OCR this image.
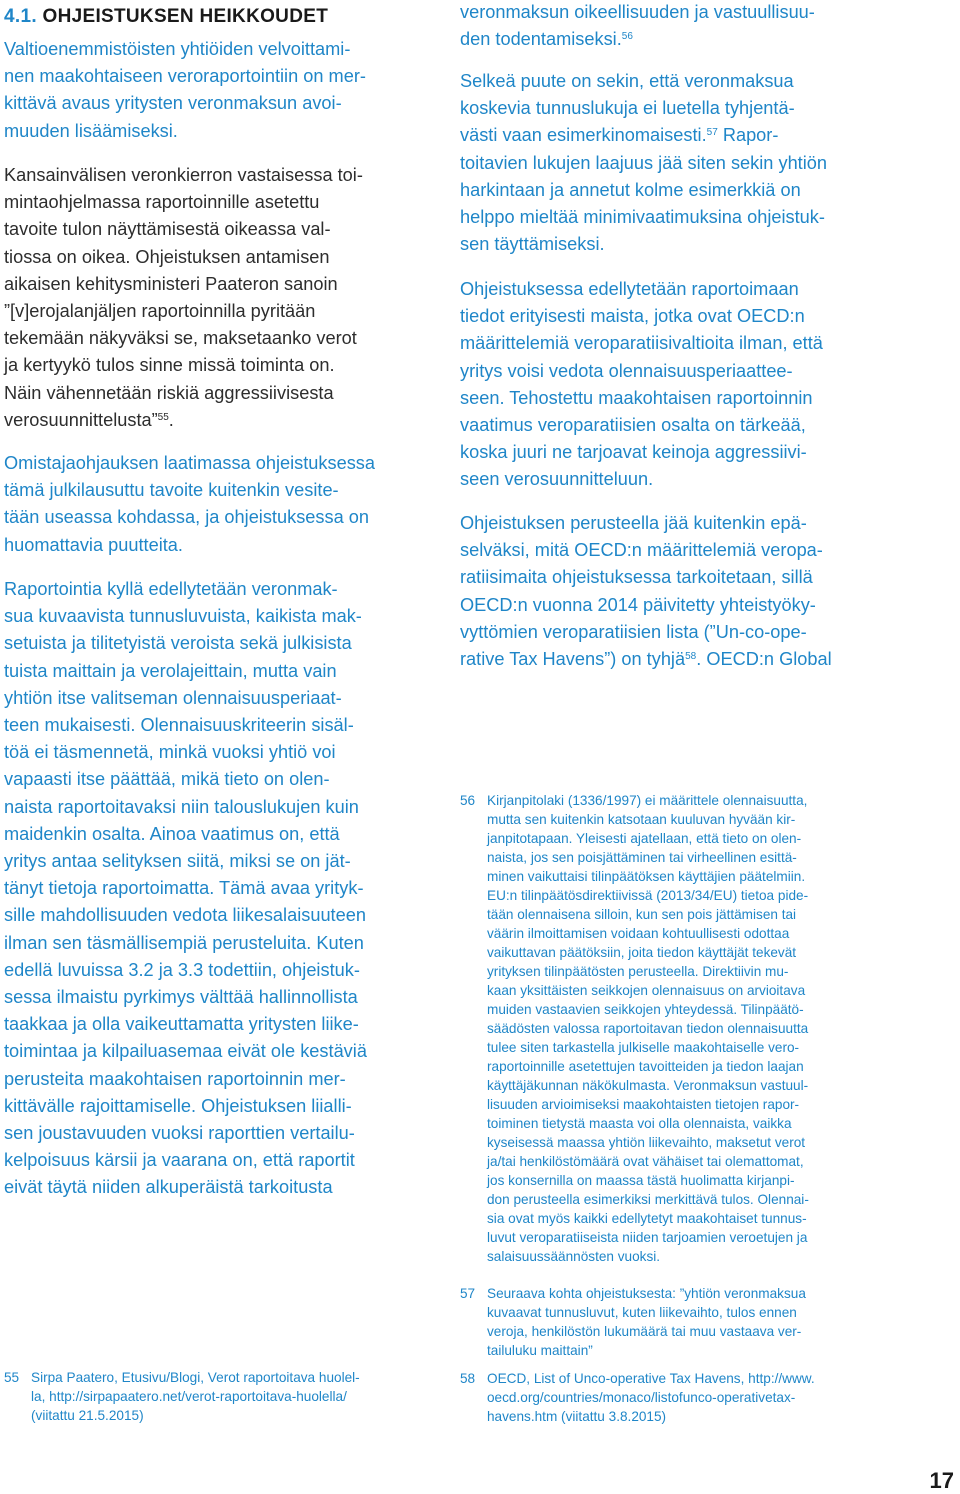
4.1. OHJEISTUKSEN HEIKKOUDET

Valtioenemmistöisten yhtiöiden velvoittami-
nen maakohtaiseen veroraportointiin on mer-
kittävä avaus yritysten veronmaksun avoi-
muuden lisäämiseksi.

Kansainvälisen veronkierron vastaisessa toi-
mintaohjelmassa raportoinnille asetettu
tavoite tulon näyttämisestä oikeassa val-
tiossa on oikea. Ohjeistuksen antamisen
aikaisen kehitysministeri Paateron sanoin
”[v]erojalanjäljen raportoinnilla pyritään
tekemään näkyväksi se, maksetaanko verot
ja kertyykö tulos sinne missä toiminta on.
Näin vähennetään riskiä aggressiivisesta
verosuunnittelusta”$^{55}$.

Omistajaohjauksen laatimassa ohjeistuksessa
tämä julkilausuttu tavoite kuitenkin vesite-
tään useassa kohdassa, ja ohjeistuksessa on
huomattavia puutteita.

Raportointia kyllä edellytetään veronmak-
sua kuvaavista tunnusluvuista, kaikista mak-
setuista ja tilitetyistä veroista sekä julkisista
tuista maittain ja verolajeittain, mutta vain
yhtiön itse valitseman olennaisuusperiaat-
teen mukaisesti. Olennaisuuskriteerin sisäl-
töä ei täsmennetä, minkä vuoksi yhtiö voi
vapaasti itse päättää, mikä tieto on olen-
naista raportoitavaksi niin talouslukujen kuin
maidenkin osalta. Ainoa vaatimus on, että
yritys antaa selityksen siitä, miksi se on jät-
tänyt tietoja raportoimatta. Tämä avaa yrityk-
sille mahdollisuuden vedota liikesalaisuuteen
ilman sen täsmällisempiä perusteluita. Kuten
edellä luvuissa 3.2 ja 3.3 todettiin, ohjeistuk-
sessa ilmaistu pyrkimys välttää hallinnollista
taakkaa ja olla vaikeuttamatta yritysten liike-
toimintaa ja kilpailuasemaa eivät ole kestäviä
perusteita maakohtaisen raportoinnin mer-
kittävälle rajoittamiselle. Ohjeistuksen liialli-
sen joustavuuden vuoksi raporttien vertailu-
kelpoisuus kärsii ja vaarana on, että raportit
eivät täytä niiden alkuperäistä tarkoitusta

veronmaksun oikeellisuuden ja vastuullisuu-
den todentamiseksi.$^{56}$

Selkeä puute on sekin, että veronmaksua
koskevia tunnuslukuja ei luetella tyhjentä-
västi vaan esimerkinomaisesti.$^{57}$ Rapor-
toitavien lukujen laajuus jää siten sekin yhtiön
harkintaan ja annetut kolme esimerkkiä on
helppo mieltää minimivaatimuksina ohjeistuk-
sen täyttämiseksi.

Ohjeistuksessa edellytetään raportoimaan
tiedot erityisesti maista, jotka ovat OECD:n
määrittelemiä veroparatiisivaltioita ilman, että
yritys voisi vedota olennaisuusperiaattee-
seen. Tehostettu maakohtaisen raportoinnin
vaatimus veroparatiisien osalta on tärkeää,
koska juuri ne tarjoavat keinoja aggressiivi-
seen verosuunnitteluun.

Ohjeistuksen perusteella jää kuitenkin epä-
selväksi, mitä OECD:n määrittelemiä veropa-
ratiisimaita ohjeistuksessa tarkoitetaan, sillä
OECD:n vuonna 2014 päivitetty yhteistyöky-
vyttömien veroparatiisien lista (”Un-co-ope-
rative Tax Havens”) on tyhjä$^{58}$. OECD:n Global

55 Sirpa Paatero, Etusivu/Blogi, Verot raportoitava huolel-
la, http://sirpapaatero.net/verot-raportoitava-huolella/
(viitattu 21.5.2015)
56 Kirjanpitolaki (1336/1997) ei määrittele olennaisuutta,
mutta sen kuitenkin katsotaan kuuluvan hyvään kir-
janpitotapaan. Yleisesti ajatellaan, että tieto on olen-
naista, jos sen poisjättäminen tai virheellinen esittä-
minen vaikuttaisi tilinpäätöksen käyttäjien päätelmiin.
EU:n tilinpäätösdirektiivissä (2013/34/EU) tietoa pide-
tään olennaisena silloin, kun sen pois jättämisen tai
väärin ilmoittamisen voidaan kohtuullisesti odottaa
vaikuttavan päätöksiin, joita tiedon käyttäjät tekevät
yrityksen tilinpäätösten perusteella. Direktiivin mu-
kaan yksittäisten seikkojen olennaisuus on arvioitava
muiden vastaavien seikkojen yhteydessä. Tilinpäätö-
säädösten valossa raportoitavan tiedon olennaisuutta
tulee siten tarkastella julkiselle maakohtaiselle vero-
raportoinnille asetettujen tavoitteiden ja tiedon laajan
käyttäjäkunnan näkökulmasta. Veronmaksun vastuul-
lisuuden arvioimiseksi maakohtaisten tietojen rapor-
toiminen tietystä maasta voi olla olennaista, vaikka
kyseisessä maassa yhtiön liikevaihto, maksetut verot
ja/tai henkilöstömäärä ovat vähäiset tai olemattomat,
jos konsernilla on maassa tästä huolimatta kirjanpi-
don perusteella esimerkiksi merkittävä tulos. Olennai-
sia ovat myös kaikki edellytetyt maakohtaiset tunnus-
luvut veroparatiiseista niiden tarjoamien veroetujen ja
salaisuussäännösten vuoksi.
57 Seuraava kohta ohjeistuksesta: ”yhtiön veronmaksua
kuvaavat tunnusluvut, kuten liikevaihto, tulos ennen
veroja, henkilöstön lukumäärä tai muu vastaava ver-
tailuluku maittain”
58 OECD, List of Unco-operative Tax Havens, http://www.
oecd.org/countries/monaco/listofunco-operativetax-
havens.htm (viitattu 3.8.2015)
17
